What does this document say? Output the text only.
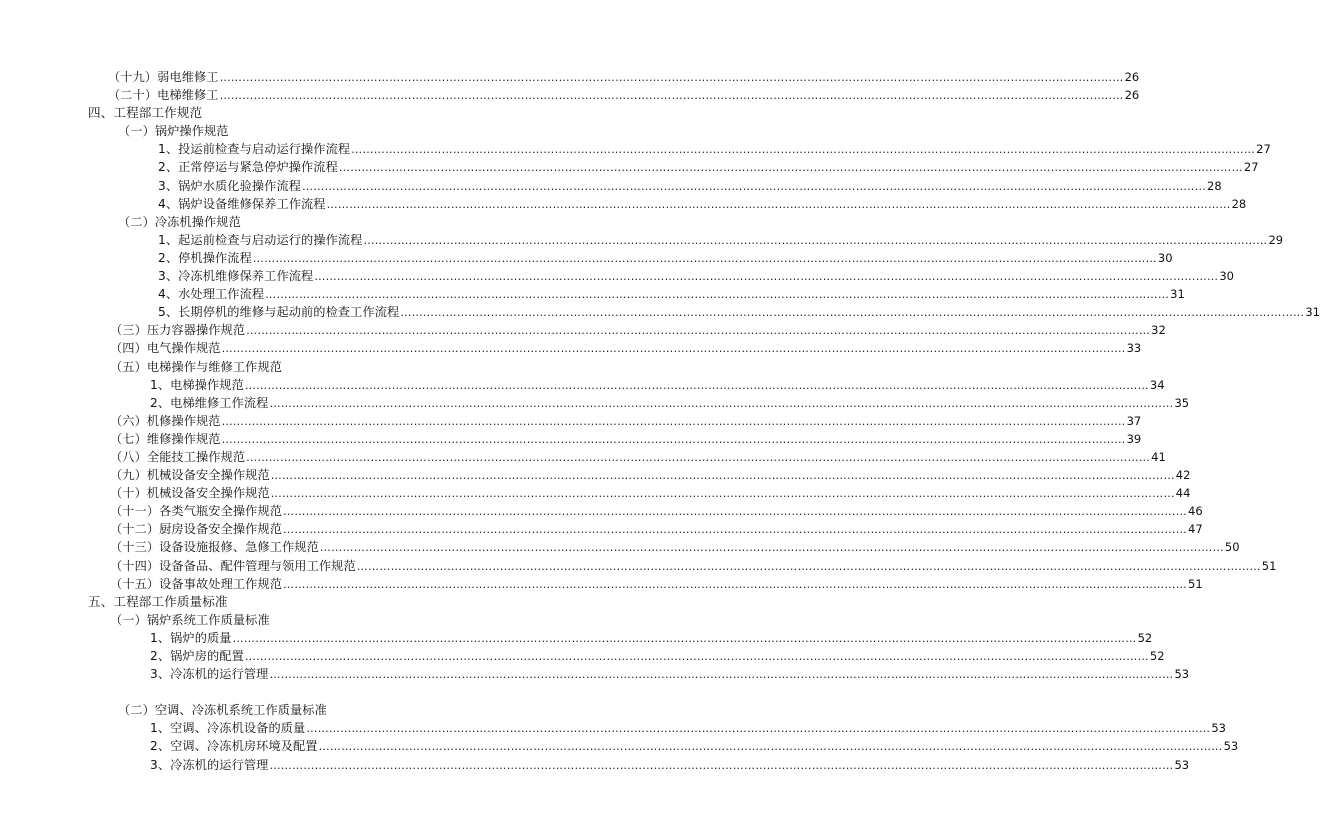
（十九）弱电维修工 …………………………………………………………………………………………………………………………………………………………………………………………………………………… 26
（二十）电梯维修工 …………………………………………………………………………………………………………………………………………………………………………………………………………………… 26
四、工程部工作规范
（一）锅炉操作规范
1、投运前检查与启动运行操作流程 …………………………………………………………………………………………………………………………………………………………………………………………………………………… 27
2、正常停运与紧急停炉操作流程 …………………………………………………………………………………………………………………………………………………………………………………………………………………… 27
3、锅炉水质化验操作流程 …………………………………………………………………………………………………………………………………………………………………………………………………………………… 28
4、锅炉设备维修保养工作流程 …………………………………………………………………………………………………………………………………………………………………………………………………………………… 28
（二）冷冻机操作规范
1、起运前检查与启动运行的操作流程 …………………………………………………………………………………………………………………………………………………………………………………………………………………… 29
2、停机操作流程 …………………………………………………………………………………………………………………………………………………………………………………………………………………… 30
3、冷冻机维修保养工作流程 …………………………………………………………………………………………………………………………………………………………………………………………………………………… 30
4、水处理工作流程 …………………………………………………………………………………………………………………………………………………………………………………………………………………… 31
5、长期停机的维修与起动前的检查工作流程 …………………………………………………………………………………………………………………………………………………………………………………………………………………… 31
（三）压力容器操作规范 …………………………………………………………………………………………………………………………………………………………………………………………………………………… 32
（四）电气操作规范 …………………………………………………………………………………………………………………………………………………………………………………………………………………… 33
（五）电梯操作与维修工作规范
1、电梯操作规范 …………………………………………………………………………………………………………………………………………………………………………………………………………………… 34
2、电梯维修工作流程 …………………………………………………………………………………………………………………………………………………………………………………………………………………… 35
（六）机修操作规范 …………………………………………………………………………………………………………………………………………………………………………………………………………………… 37
（七）维修操作规范 …………………………………………………………………………………………………………………………………………………………………………………………………………………… 39
（八）全能技工操作规范 …………………………………………………………………………………………………………………………………………………………………………………………………………………… 41
（九）机械设备安全操作规范 …………………………………………………………………………………………………………………………………………………………………………………………………………………… 42
（十）机械设备安全操作规范 …………………………………………………………………………………………………………………………………………………………………………………………………………………… 44
（十一）各类气瓶安全操作规范 …………………………………………………………………………………………………………………………………………………………………………………………………………………… 46
（十二）厨房设备安全操作规范 …………………………………………………………………………………………………………………………………………………………………………………………………………………… 47
（十三）设备设施报修、急修工作规范 …………………………………………………………………………………………………………………………………………………………………………………………………………………… 50
（十四）设备备品、配件管理与领用工作规范 …………………………………………………………………………………………………………………………………………………………………………………………………………………… 51
（十五）设备事故处理工作规范 …………………………………………………………………………………………………………………………………………………………………………………………………………………… 51
五、工程部工作质量标准
（一）锅炉系统工作质量标准
1、锅炉的质量 …………………………………………………………………………………………………………………………………………………………………………………………………………………… 52
2、锅炉房的配置 …………………………………………………………………………………………………………………………………………………………………………………………………………………… 52
3、冷冻机的运行管理 …………………………………………………………………………………………………………………………………………………………………………………………………………………… 53
（二）空调、冷冻机系统工作质量标准
1、空调、冷冻机设备的质量 …………………………………………………………………………………………………………………………………………………………………………………………………………………… 53
2、空调、冷冻机房环境及配置 …………………………………………………………………………………………………………………………………………………………………………………………………………………… 53
3、冷冻机的运行管理 …………………………………………………………………………………………………………………………………………………………………………………………………………………… 53
